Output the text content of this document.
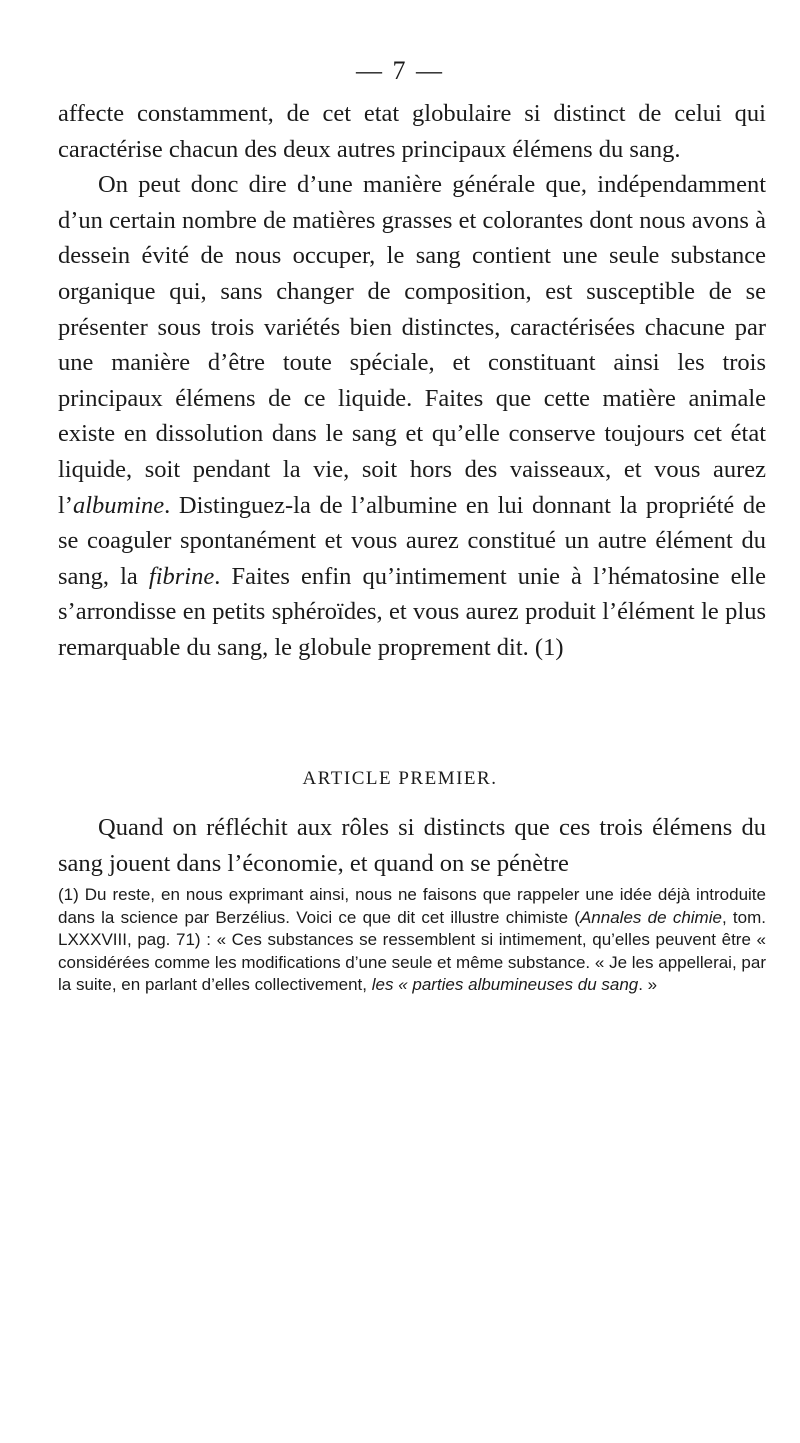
— 7 —

affecte constamment, de cet etat globulaire si distinct de celui qui caractérise chacun des deux autres principaux élémens du sang.

On peut donc dire d’une manière générale que, indépendamment d’un certain nombre de matières grasses et colorantes dont nous avons à dessein évité de nous occuper, le sang contient une seule substance organique qui, sans changer de composition, est susceptible de se présenter sous trois variétés bien distinctes, caractérisées chacune par une manière d’être toute spéciale, et constituant ainsi les trois principaux élémens de ce liquide. Faites que cette matière animale existe en dissolution dans le sang et qu’elle conserve toujours cet état liquide, soit pendant la vie, soit hors des vaisseaux, et vous aurez l’albumine. Distinguez-la de l’albumine en lui donnant la propriété de se coaguler spontanément et vous aurez constitué un autre élément du sang, la fibrine. Faites enfin qu’intimement unie à l’hématosine elle s’arrondisse en petits sphéroïdes, et vous aurez produit l’élément le plus remarquable du sang, le globule proprement dit. (1)

ARTICLE PREMIER.

Quand on réfléchit aux rôles si distincts que ces trois élémens du sang jouent dans l’économie, et quand on se pénètre

(1) Du reste, en nous exprimant ainsi, nous ne faisons que rappeler une idée déjà introduite dans la science par Berzélius. Voici ce que dit cet illustre chimiste (Annales de chimie, tom. LXXXVIII, pag. 71) : « Ces substances se ressemblent si intimement, qu’elles peuvent être « considérées comme les modifications d’une seule et même substance. « Je les appellerai, par la suite, en parlant d’elles collectivement, les « parties albumineuses du sang. »
